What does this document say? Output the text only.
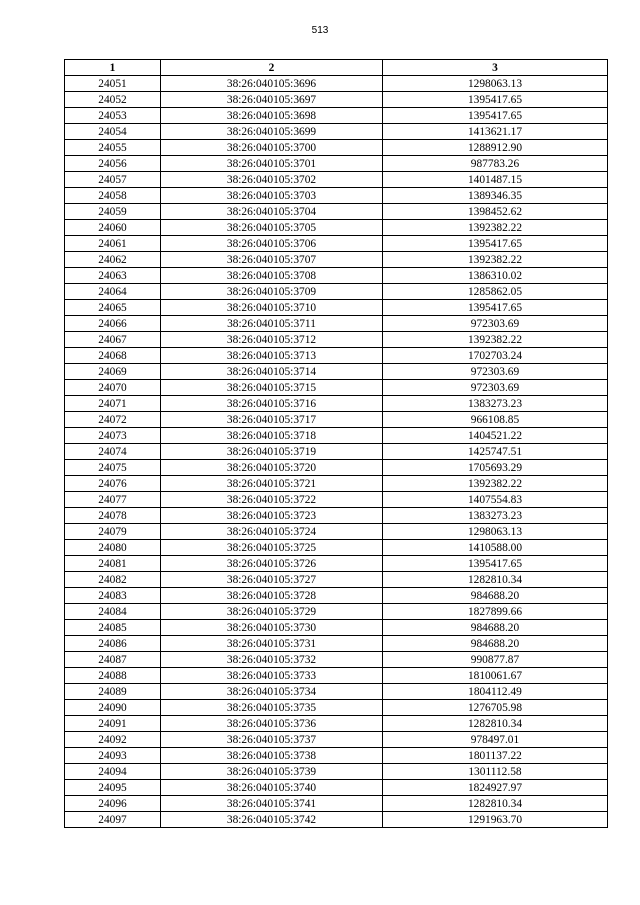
513
1	2	3
24051	38:26:040105:3696	1298063.13
24052	38:26:040105:3697	1395417.65
24053	38:26:040105:3698	1395417.65
24054	38:26:040105:3699	1413621.17
24055	38:26:040105:3700	1288912.90
24056	38:26:040105:3701	987783.26
24057	38:26:040105:3702	1401487.15
24058	38:26:040105:3703	1389346.35
24059	38:26:040105:3704	1398452.62
24060	38:26:040105:3705	1392382.22
24061	38:26:040105:3706	1395417.65
24062	38:26:040105:3707	1392382.22
24063	38:26:040105:3708	1386310.02
24064	38:26:040105:3709	1285862.05
24065	38:26:040105:3710	1395417.65
24066	38:26:040105:3711	972303.69
24067	38:26:040105:3712	1392382.22
24068	38:26:040105:3713	1702703.24
24069	38:26:040105:3714	972303.69
24070	38:26:040105:3715	972303.69
24071	38:26:040105:3716	1383273.23
24072	38:26:040105:3717	966108.85
24073	38:26:040105:3718	1404521.22
24074	38:26:040105:3719	1425747.51
24075	38:26:040105:3720	1705693.29
24076	38:26:040105:3721	1392382.22
24077	38:26:040105:3722	1407554.83
24078	38:26:040105:3723	1383273.23
24079	38:26:040105:3724	1298063.13
24080	38:26:040105:3725	1410588.00
24081	38:26:040105:3726	1395417.65
24082	38:26:040105:3727	1282810.34
24083	38:26:040105:3728	984688.20
24084	38:26:040105:3729	1827899.66
24085	38:26:040105:3730	984688.20
24086	38:26:040105:3731	984688.20
24087	38:26:040105:3732	990877.87
24088	38:26:040105:3733	1810061.67
24089	38:26:040105:3734	1804112.49
24090	38:26:040105:3735	1276705.98
24091	38:26:040105:3736	1282810.34
24092	38:26:040105:3737	978497.01
24093	38:26:040105:3738	1801137.22
24094	38:26:040105:3739	1301112.58
24095	38:26:040105:3740	1824927.97
24096	38:26:040105:3741	1282810.34
24097	38:26:040105:3742	1291963.70
